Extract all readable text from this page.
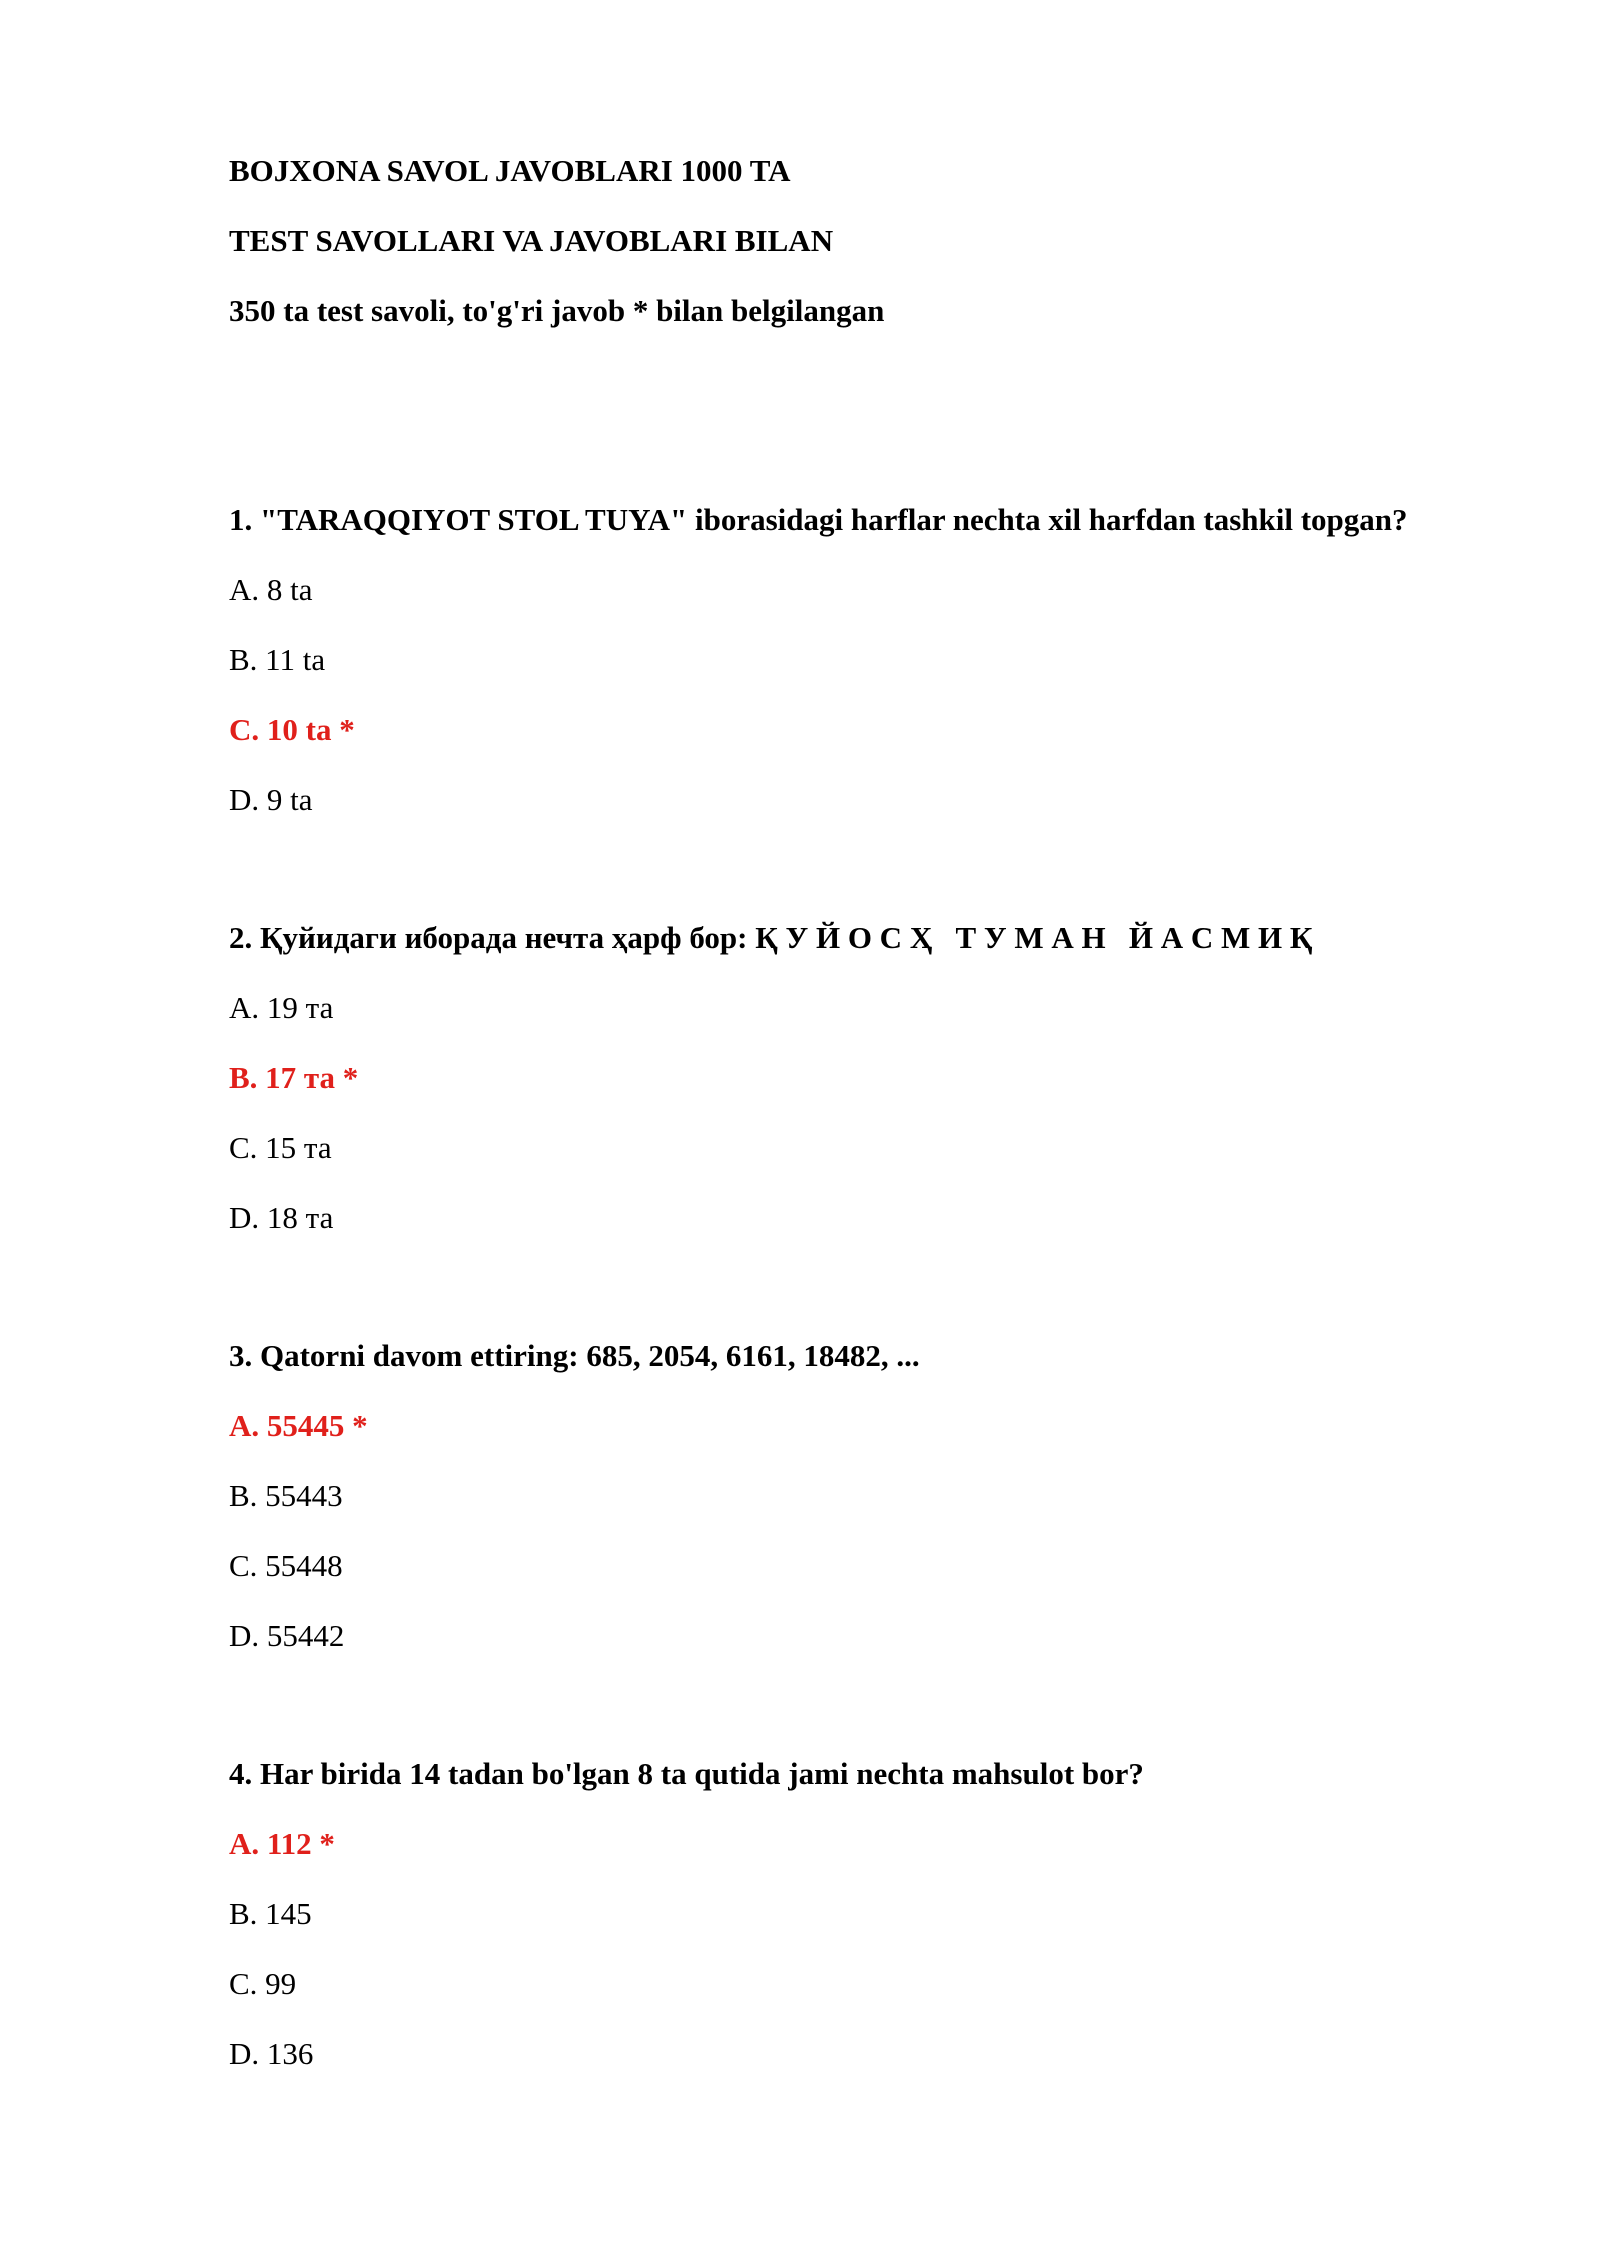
BOJXONA SAVOL JAVOBLARI 1000 TA
TEST SAVOLLARI VA JAVOBLARI BILAN
350 ta test savoli, to'g'ri javob * bilan belgilangan
1. "TARAQQIYOT STOL TUYA" iborasidagi harflar nechta xil harfdan tashkil topgan?
A. 8 ta
B. 11 ta
C. 10 ta *
D. 9 ta
2. Қуйидаги иборада нечта ҳарф бор: Қ У Й О С Ҳ   Т У М А Н   Й А С М И Қ
A. 19 та
B. 17 та *
C. 15 та
D. 18 та
3. Qatorni davom ettiring: 685, 2054, 6161, 18482, ...
A. 55445 *
B. 55443
C. 55448
D. 55442
4. Har birida 14 tadan bo'lgan 8 ta qutida jami nechta mahsulot bor?
A. 112 *
B. 145
C. 99
D. 136
